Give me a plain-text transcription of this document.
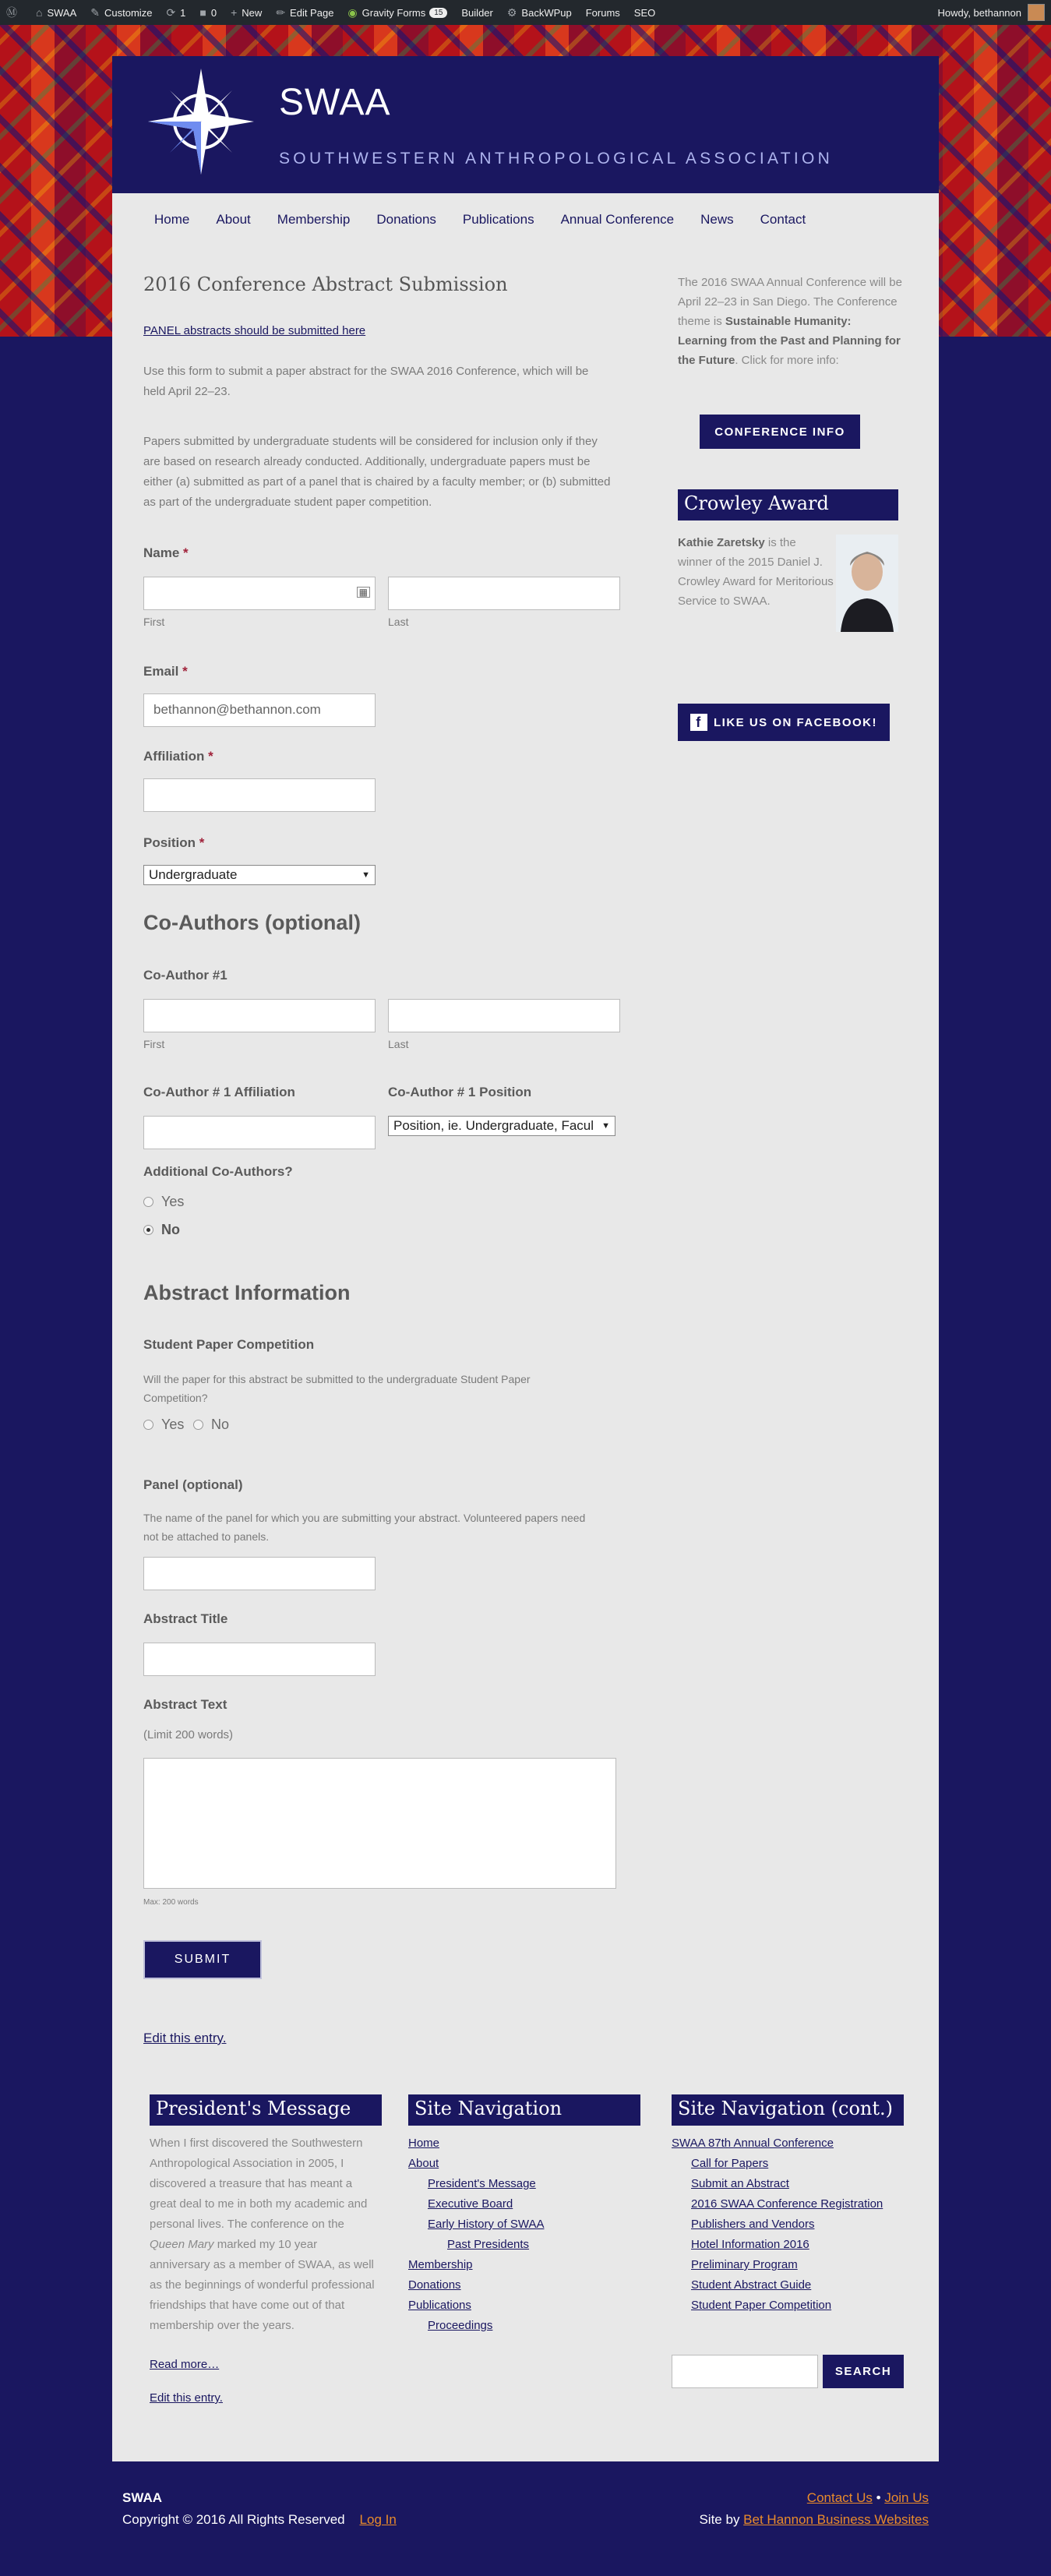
Ⓜ ⌂ SWAA ✎ Customize ⟳ 1 ■ 0 + New ✏ Edit Page ◉ Gravity Forms	15	Builder ⚙ BackWPup Forums SEO	Howdy, bethannon
SWAA
SOUTHWESTERN ANTHROPOLOGICAL ASSOCIATION
Home About Membership Donations Publications Annual Conference News Contact
2016 Conference Abstract Submission
PANEL abstracts should be submitted here
Use this form to submit a paper abstract for the SWAA 2016 Conference, which will be held April 22–23.
Papers submitted by undergraduate students will be considered for inclusion only if they are based on research already conducted. Additionally, undergraduate papers must be either (a) submitted as part of a panel that is chaired by a faculty member; or (b) submitted as part of the undergraduate student paper competition.
Name *
▦
First	Last
Email *
bethannon@bethannon.com
Affiliation *
Position *
Undergraduate	▼
Co-Authors (optional)
Co-Author #1
First	Last
Co-Author # 1 Affiliation	Co-Author # 1 Position
Position, ie. Undergraduate, Facul ▼
Additional Co-Authors?
Yes
No
Abstract Information
Student Paper Competition
Will the paper for this abstract be submitted to the undergraduate Student Paper Competition?
Yes No
Panel (optional)
The name of the panel for which you are submitting your abstract. Volunteered papers need not be attached to panels.
Abstract Title
Abstract Text
(Limit 200 words)
Max: 200 words
SUBMIT
Edit this entry.
The 2016 SWAA Annual Conference will be April 22–23 in San Diego. The Conference theme is Sustainable Humanity: Learning from the Past and Planning for the Future. Click for more info:
CONFERENCE INFO
Crowley Award
Kathie Zaretsky is the winner of the 2015 Daniel J. Crowley Award for Meritorious Service to SWAA.
f	LIKE US ON FACEBOOK!
President's Message
When I first discovered the Southwestern Anthropological Association in 2005, I discovered a treasure that has meant a great deal to me in both my academic and personal lives. The conference on the Queen Mary marked my 10 year anniversary as a member of SWAA, as well as the beginnings of wonderful professional friendships that have come out of that membership over the years.
Read more…
Edit this entry.
Site Navigation
Home
About
President's Message
Executive Board
Early History of SWAA
Past Presidents
Membership
Donations
Publications
Proceedings
Site Navigation (cont.)
SWAA 87th Annual Conference
Call for Papers
Submit an Abstract
2016 SWAA Conference Registration
Publishers and Vendors
Hotel Information 2016
Preliminary Program
Student Abstract Guide
Student Paper Competition
SEARCH
SWAA
Copyright © 2016 All Rights Reserved Log In
Contact Us • Join Us
Site by Bet Hannon Business Websites
